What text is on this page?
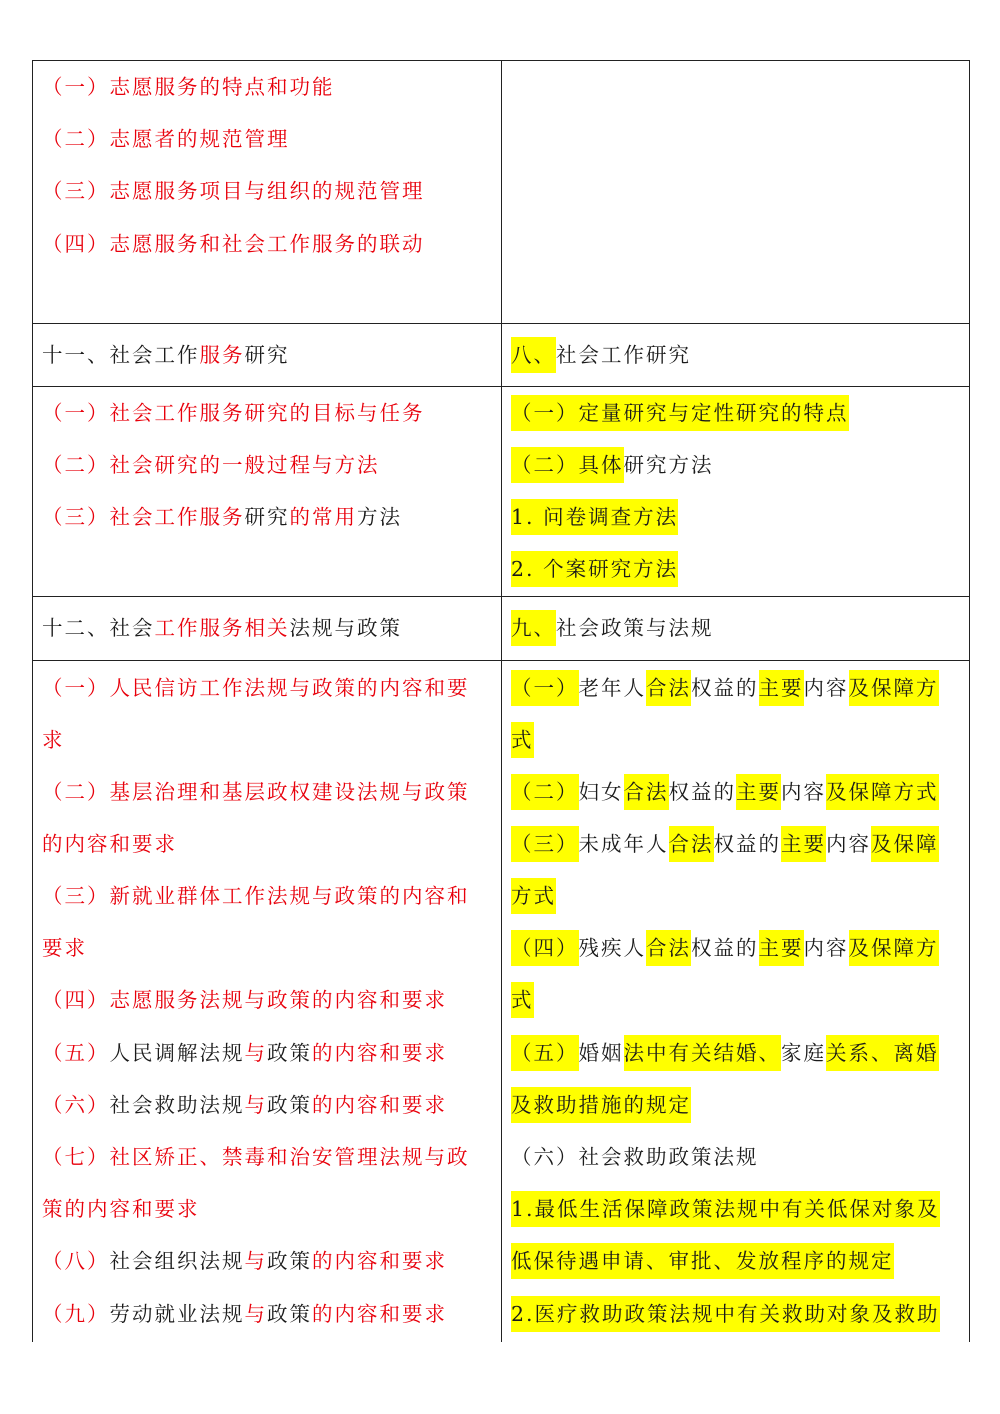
（一）志愿服务的特点和功能
（二）志愿者的规范管理
（三）志愿服务项目与组织的规范管理
（四）志愿服务和社会工作服务的联动
十一、社会工作服务研究
（一）社会工作服务研究的目标与任务
（二）社会研究的一般过程与方法
（三）社会工作服务研究的常用方法
十二、社会工作服务相关法规与政策
（一）人民信访工作法规与政策的内容和要
求
（二）基层治理和基层政权建设法规与政策
的内容和要求
（三）新就业群体工作法规与政策的内容和
要求
（四）志愿服务法规与政策的内容和要求
（五）人民调解法规与政策的内容和要求
（六）社会救助法规与政策的内容和要求
（七）社区矫正、禁毒和治安管理法规与政
策的内容和要求
（八）社会组织法规与政策的内容和要求
（九）劳动就业法规与政策的内容和要求
八、社会工作研究
（一）定量研究与定性研究的特点
（二）具体研究方法
1. 问卷调查方法
2. 个案研究方法
九、社会政策与法规
（一）老年人合法权益的主要内容及保障方
式
（二）妇女合法权益的主要内容及保障方式
（三）未成年人合法权益的主要内容及保障
方式
（四）残疾人合法权益的主要内容及保障方
式
（五）婚姻法中有关结婚、家庭关系、离婚
及救助措施的规定
（六）社会救助政策法规
1.最低生活保障政策法规中有关低保对象及
低保待遇申请、审批、发放程序的规定
2.医疗救助政策法规中有关救助对象及救助
